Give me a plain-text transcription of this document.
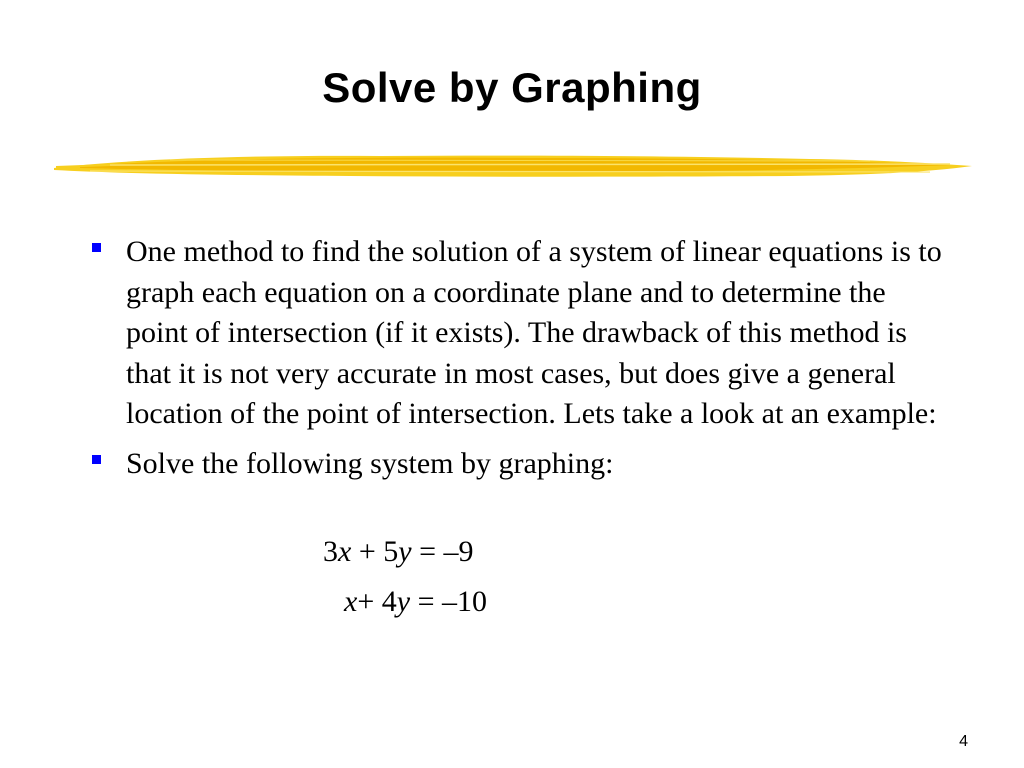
Solve by Graphing
One method to find the solution of a system of linear equations is to graph each equation on a coordinate plane and to determine the point of intersection (if it exists). The drawback of this method is that it is not very accurate in most cases, but does give a general location of the point of intersection. Lets take a look at an example:
Solve the following system by graphing:
3x + 5y = –9
x+ 4y = –10
4
